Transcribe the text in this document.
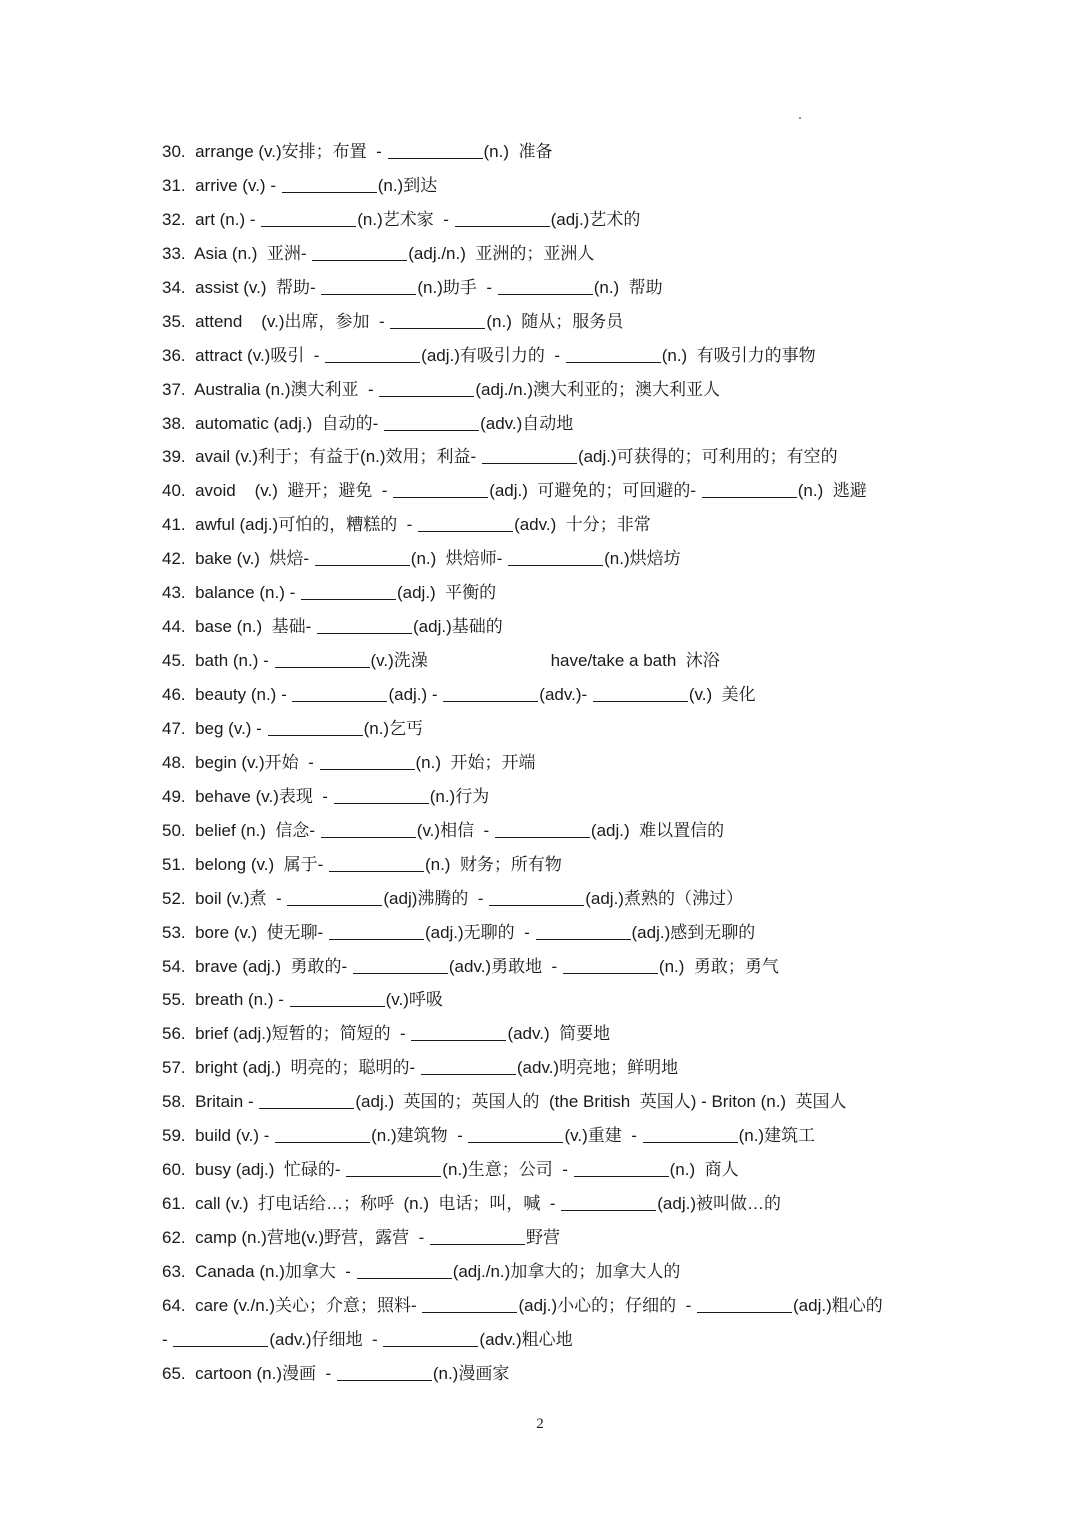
30.  arrange (v.)安排；布置  -	(n.)  准备
31.  arrive (v.) -	(n.)到达
32.  art (n.) -	(n.)艺术家  -	(adj.)艺术的
33.  Asia (n.)  亚洲-	(adj./n.)  亚洲的；亚洲人
34.  assist (v.)  帮助-	(n.)助手  -	(n.)  帮助
35.  attend    (v.)出席，参加  -	(n.)  随从；服务员
36.  attract (v.)吸引  -	(adj.)有吸引力的  -	(n.)  有吸引力的事物
37.  Australia (n.)澳大利亚  -	(adj./n.)澳大利亚的；澳大利亚人
38.  automatic (adj.)  自动的-	(adv.)自动地
39.  avail (v.)利于；有益于(n.)效用；利益-	(adj.)可获得的；可利用的；有空的
40.  avoid    (v.)  避开；避免  -	(adj.)  可避免的；可回避的-	(n.)  逃避
41.  awful (adj.)可怕的，糟糕的  -	(adv.)  十分；非常
42.  bake (v.)  烘焙-	(n.)  烘焙师-	(n.)烘焙坊
43.  balance (n.) -	(adj.)  平衡的
44.  base (n.)  基础-	(adj.)基础的
45.  bath (n.) -	(v.)洗澡                          have/take a bath  沐浴
46.  beauty (n.) -	(adj.) -	(adv.)-	(v.)  美化
47.  beg (v.) -	(n.)乞丐
48.  begin (v.)开始  -	(n.)  开始；开端
49.  behave (v.)表现  -	(n.)行为
50.  belief (n.)  信念-	(v.)相信  -	(adj.)  难以置信的
51.  belong (v.)  属于-	(n.)  财务；所有物
52.  boil (v.)煮  -	(adj)沸腾的  -	(adj.)煮熟的（沸过）
53.  bore (v.)  使无聊-	(adj.)无聊的  -	(adj.)感到无聊的
54.  brave (adj.)  勇敢的-	(adv.)勇敢地  -	(n.)  勇敢；勇气
55.  breath (n.) -	(v.)呼吸
56.  brief (adj.)短暂的；简短的  -	(adv.)  简要地
57.  bright (adj.)  明亮的；聪明的-	(adv.)明亮地；鲜明地
58.  Britain -	(adj.)  英国的；英国人的  (the British  英国人) - Briton (n.)  英国人
59.  build (v.) -	(n.)建筑物  -	(v.)重建  -	(n.)建筑工
60.  busy (adj.)  忙碌的-	(n.)生意；公司  -	(n.)  商人
61.  call (v.)  打电话给…；称呼  (n.)  电话；叫，喊  -	(adj.)被叫做…的
62.  camp (n.)营地(v.)野营，露营  -	野营
63.  Canada (n.)加拿大  -	(adj./n.)加拿大的；加拿大人的
64.  care (v./n.)关心；介意；照料-	(adj.)小心的；仔细的  -	(adj.)粗心的
-	(adv.)仔细地  -	(adv.)粗心地
65.  cartoon (n.)漫画  -	(n.)漫画家
2
